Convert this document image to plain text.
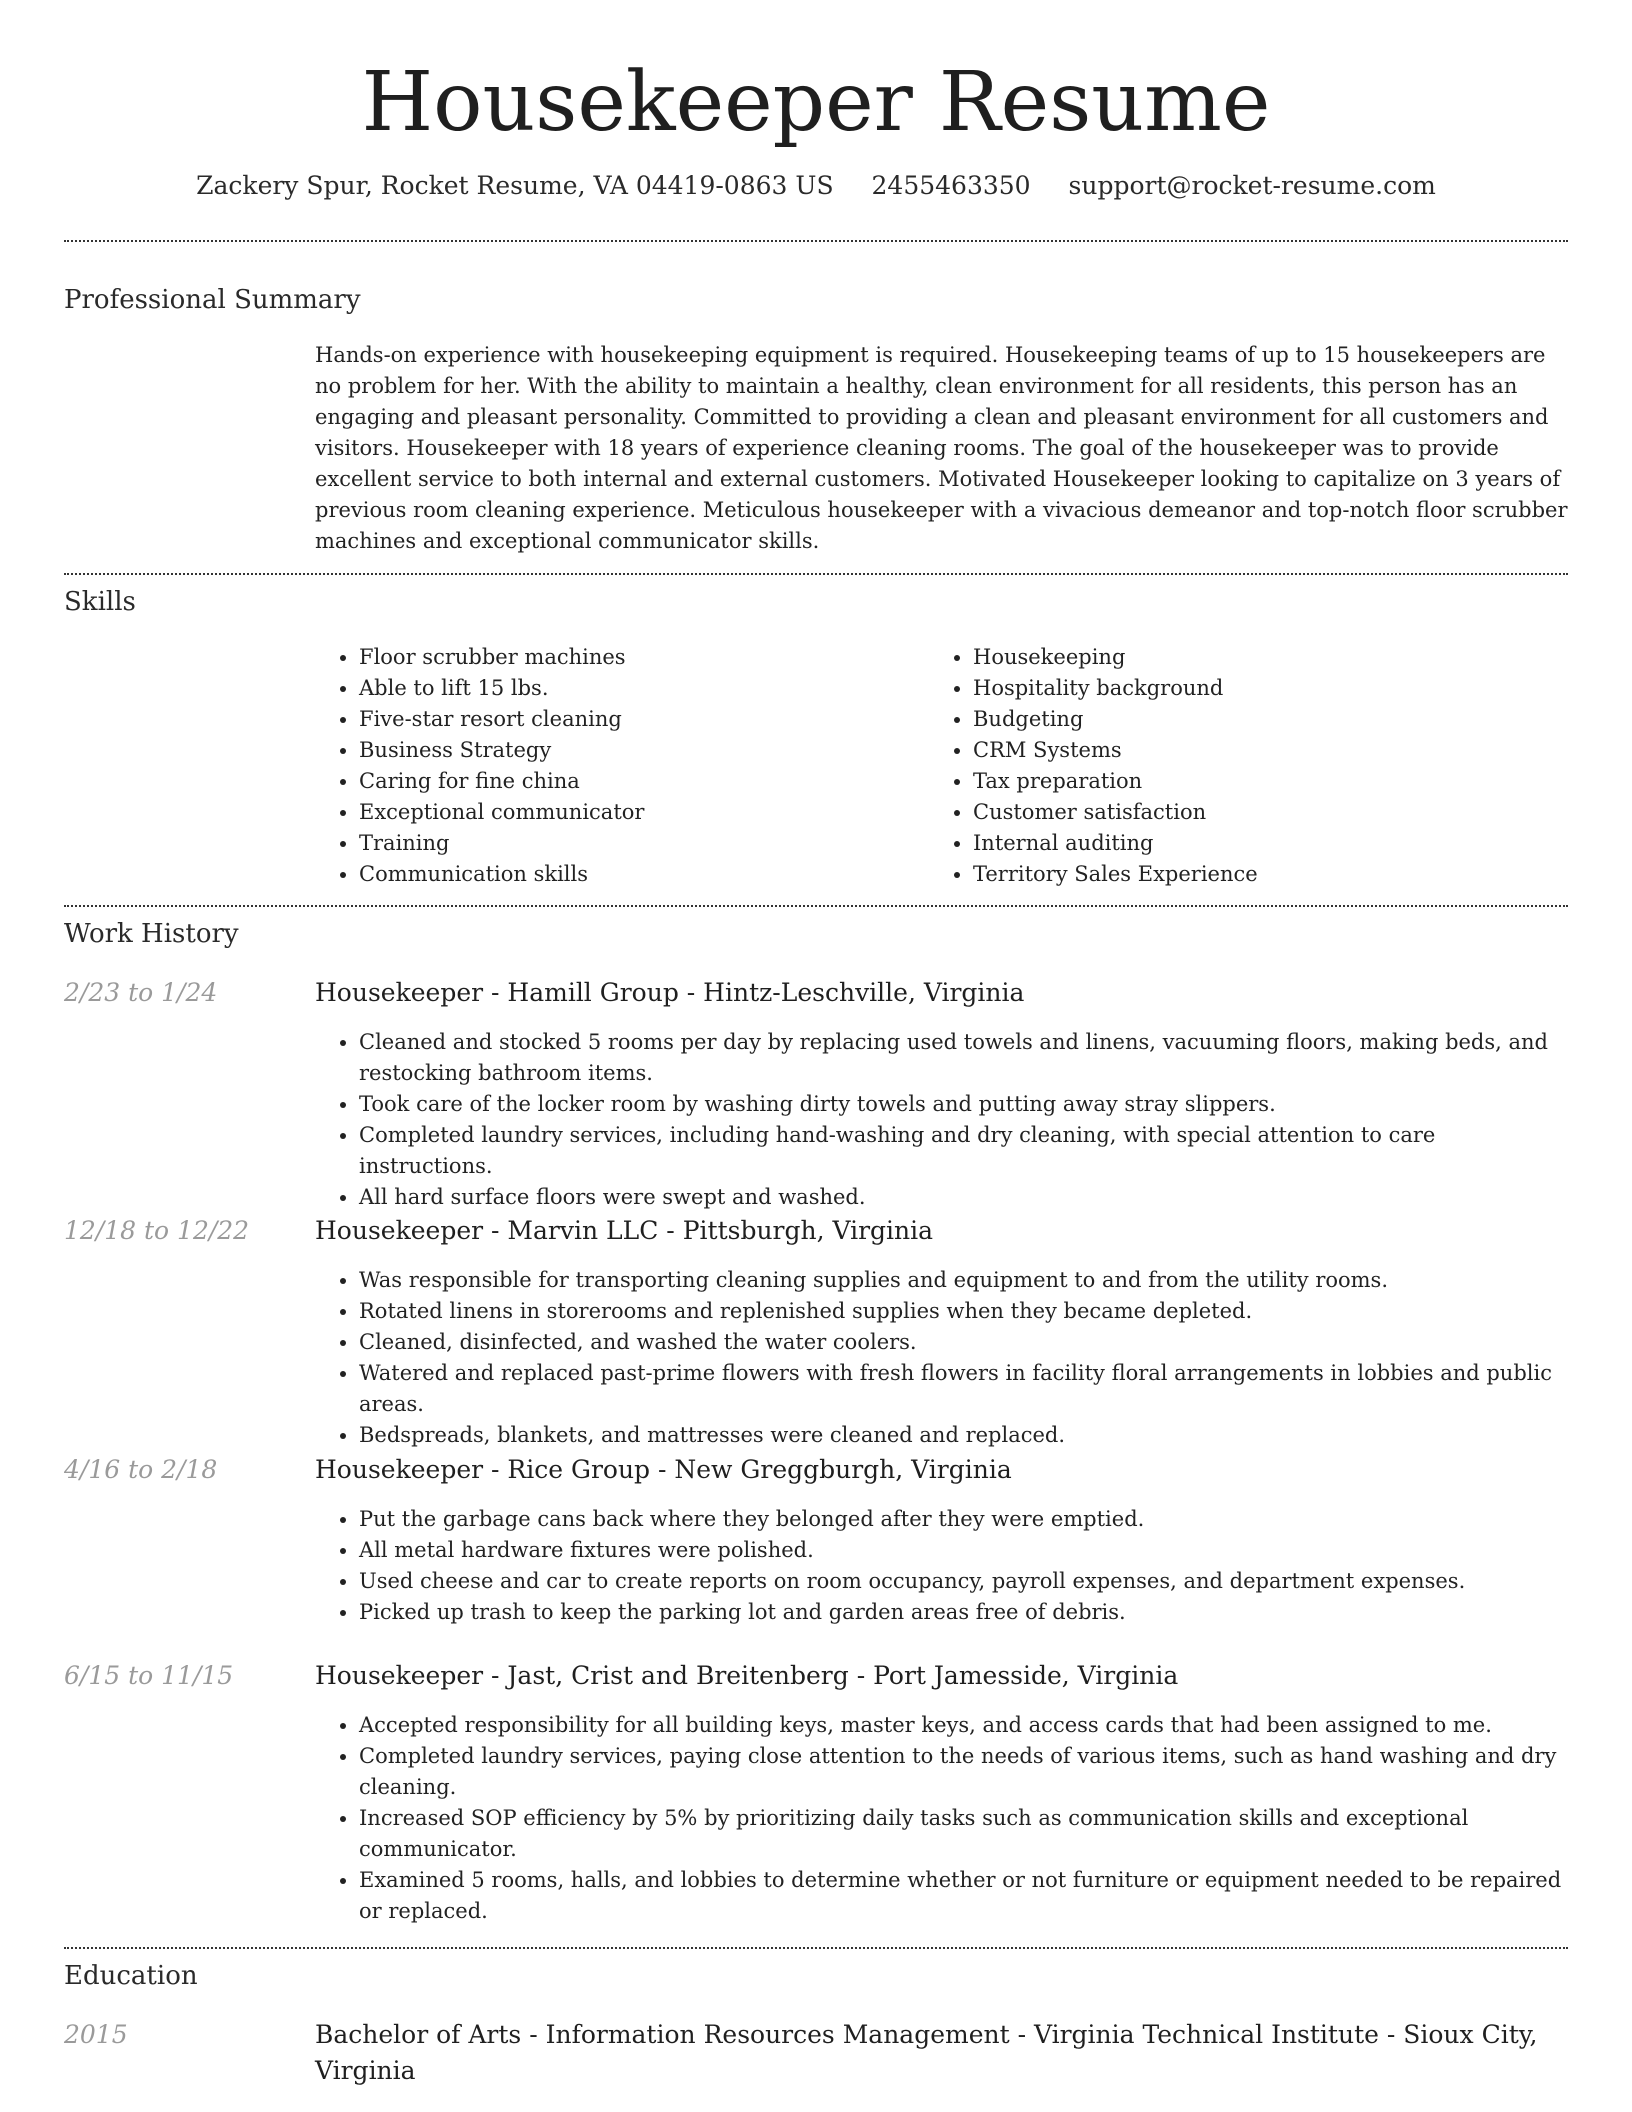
Housekeeper Resume
Zackery Spur, Rocket Resume, VA 04419-0863 US 2455463350 support@rocket-resume.com
Professional Summary

Hands-on experience with housekeeping equipment is required. Housekeeping teams of up to 15 housekeepers are no problem for her. With the ability to maintain a healthy, clean environment for all residents, this person has an engaging and pleasant personality. Committed to providing a clean and pleasant environment for all customers and visitors. Housekeeper with 18 years of experience cleaning rooms. The goal of the housekeeper was to provide excellent service to both internal and external customers. Motivated Housekeeper looking to capitalize on 3 years of previous room cleaning experience. Meticulous housekeeper with a vivacious demeanor and top-notch floor scrubber machines and exceptional communicator skills.

Skills
• Floor scrubber machines
• Able to lift 15 lbs.
• Five-star resort cleaning
• Business Strategy
• Caring for fine china
• Exceptional communicator
• Training
• Communication skills
• Housekeeping
• Hospitality background
• Budgeting
• CRM Systems
• Tax preparation
• Customer satisfaction
• Internal auditing
• Territory Sales Experience
Work History
2/23 to 1/24	Housekeeper - Hamill Group - Hintz-Leschville, Virginia
• Cleaned and stocked 5 rooms per day by replacing used towels and linens, vacuuming floors, making beds, and restocking bathroom items.
• Took care of the locker room by washing dirty towels and putting away stray slippers.
• Completed laundry services, including hand-washing and dry cleaning, with special attention to care instructions.
• All hard surface floors were swept and washed.
12/18 to 12/22	Housekeeper - Marvin LLC - Pittsburgh, Virginia
• Was responsible for transporting cleaning supplies and equipment to and from the utility rooms.
• Rotated linens in storerooms and replenished supplies when they became depleted.
• Cleaned, disinfected, and washed the water coolers.
• Watered and replaced past-prime flowers with fresh flowers in facility floral arrangements in lobbies and public areas.
• Bedspreads, blankets, and mattresses were cleaned and replaced.
4/16 to 2/18	Housekeeper - Rice Group - New Greggburgh, Virginia
• Put the garbage cans back where they belonged after they were emptied.
• All metal hardware fixtures were polished.
• Used cheese and car to create reports on room occupancy, payroll expenses, and department expenses.
• Picked up trash to keep the parking lot and garden areas free of debris.
6/15 to 11/15	Housekeeper - Jast, Crist and Breitenberg - Port Jamesside, Virginia
• Accepted responsibility for all building keys, master keys, and access cards that had been assigned to me.
• Completed laundry services, paying close attention to the needs of various items, such as hand washing and dry cleaning.
• Increased SOP efficiency by 5% by prioritizing daily tasks such as communication skills and exceptional communicator.
• Examined 5 rooms, halls, and lobbies to determine whether or not furniture or equipment needed to be repaired or replaced.
Education
2015	Bachelor of Arts - Information Resources Management - Virginia Technical Institute - Sioux City, Virginia
